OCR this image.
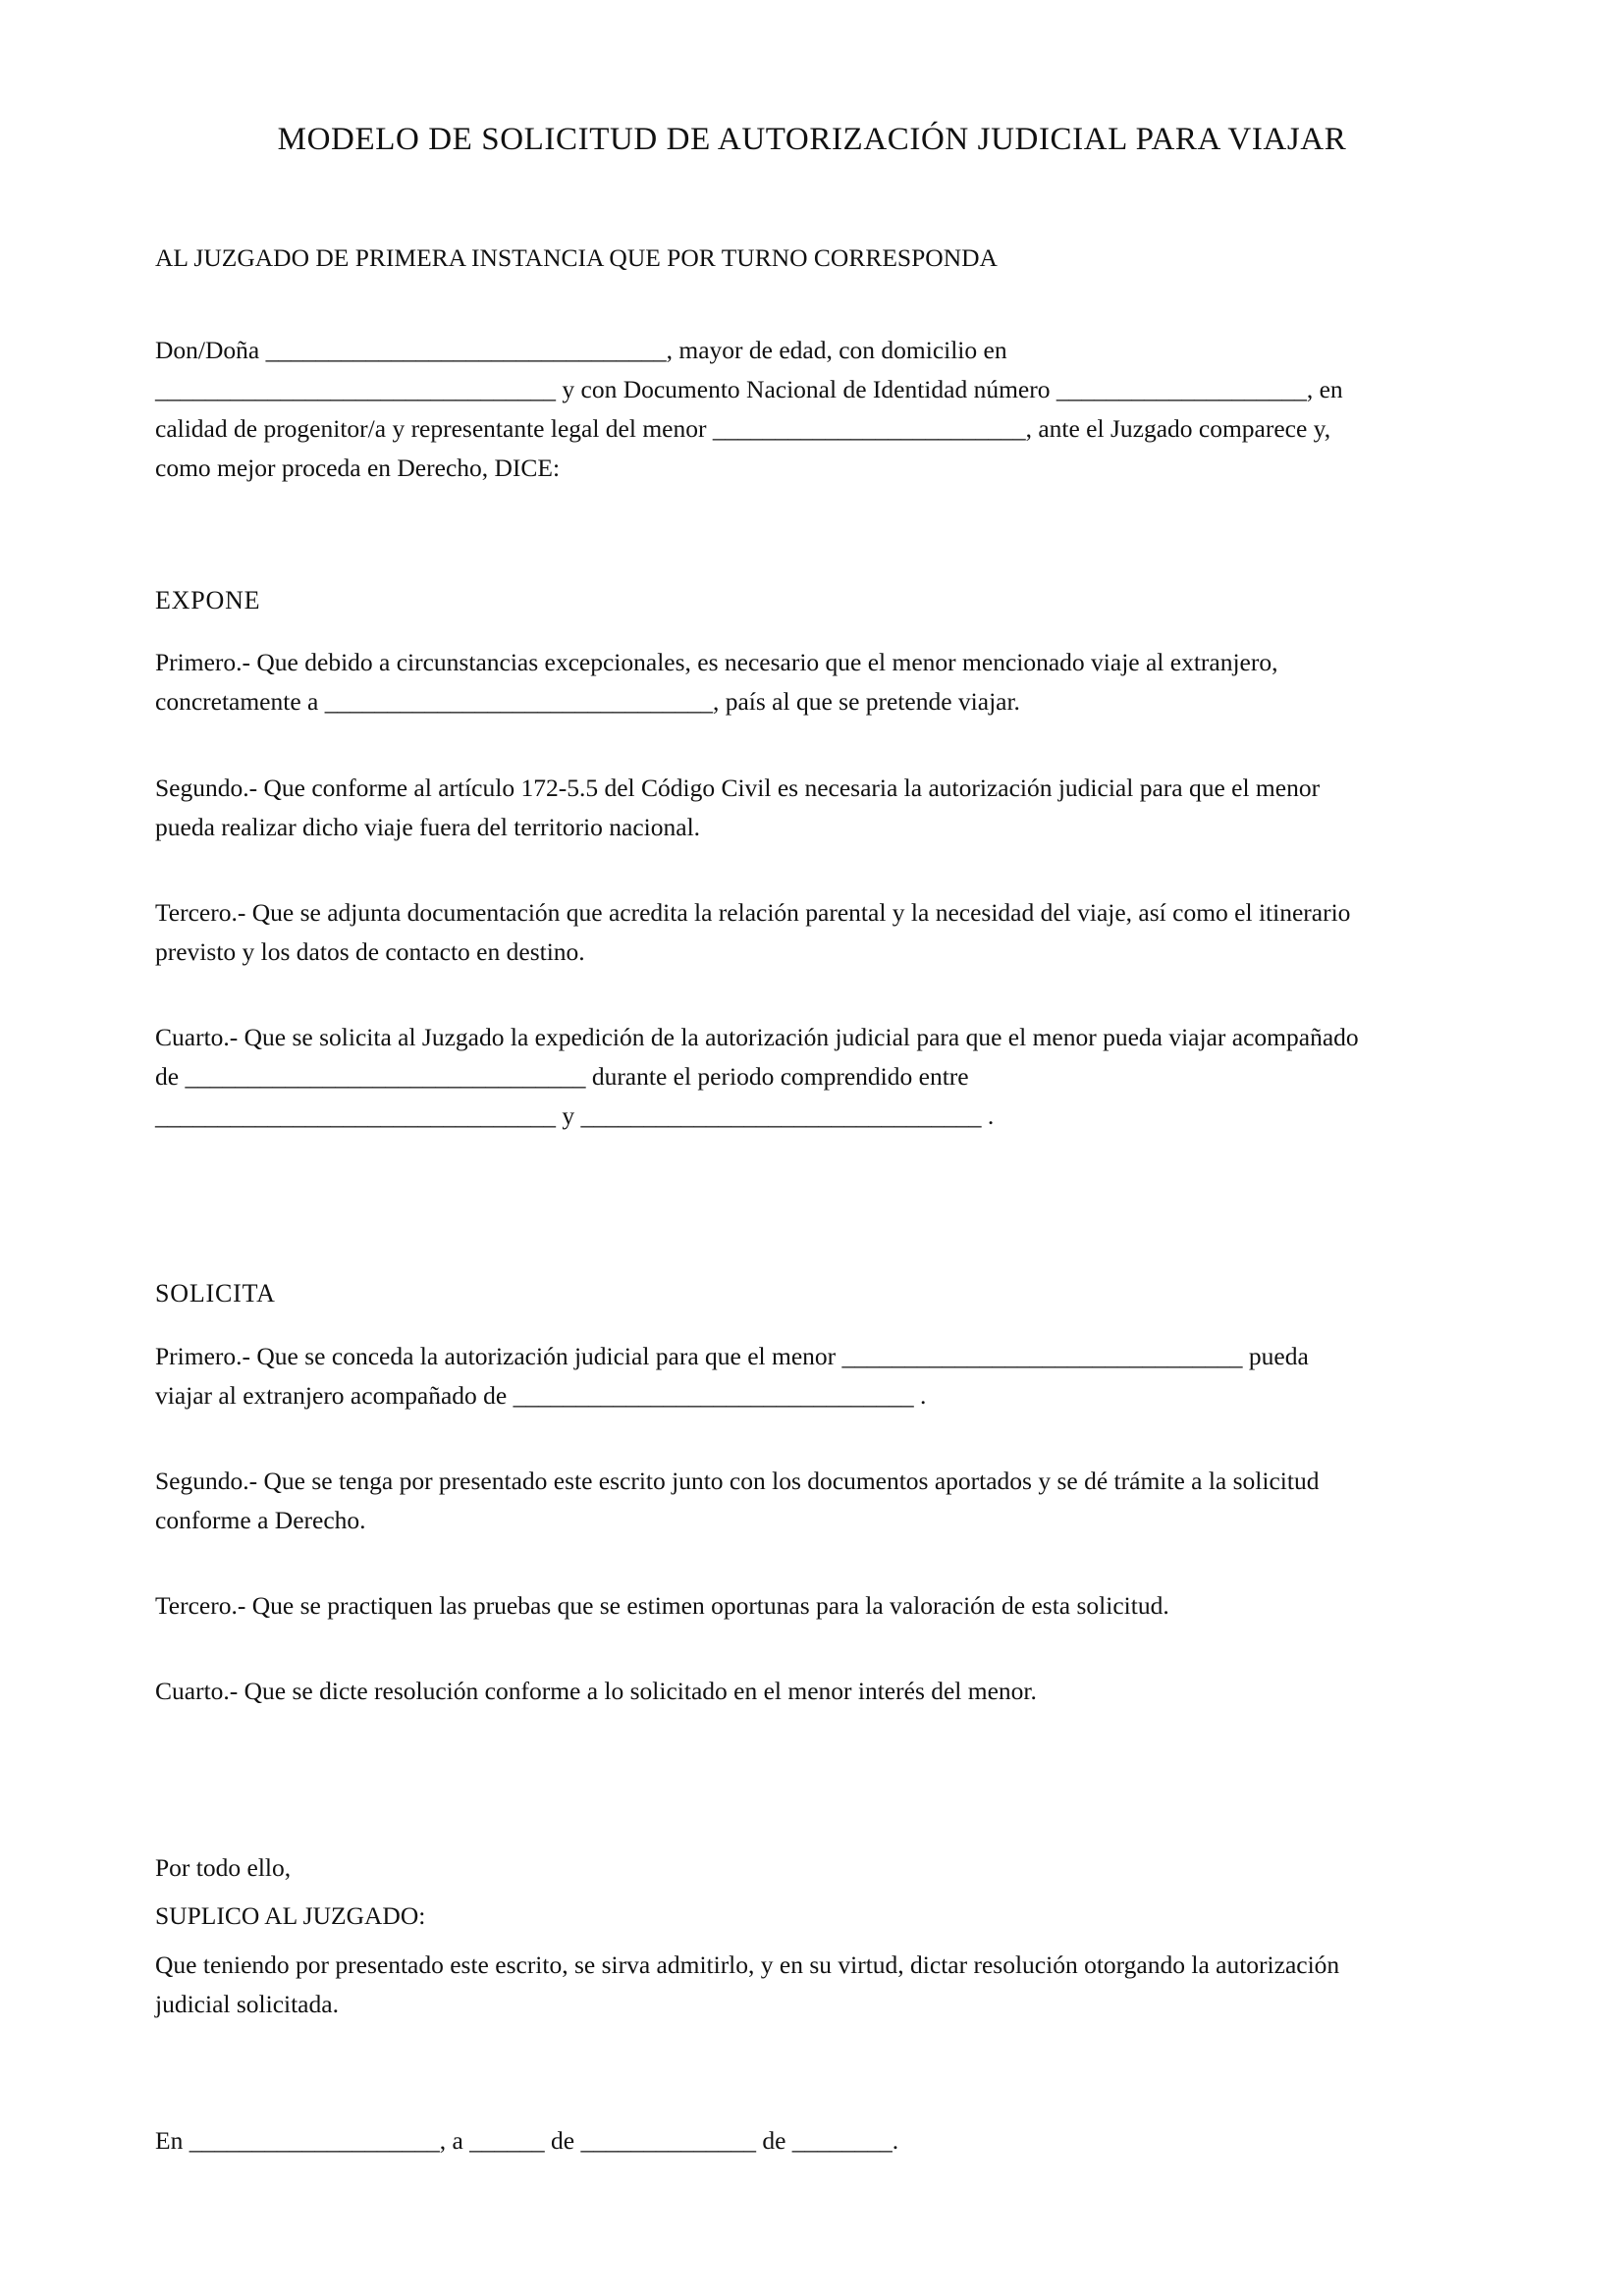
MODELO DE SOLICITUD DE AUTORIZACIÓN JUDICIAL PARA VIAJAR

AL JUZGADO DE PRIMERA INSTANCIA QUE POR TURNO CORRESPONDA

Don/Doña ________________________________, mayor de edad, con domicilio en
________________________________ y con Documento Nacional de Identidad número ____________________, en
calidad de progenitor/a y representante legal del menor _________________________, ante el Juzgado comparece y,
como mejor proceda en Derecho, DICE:

EXPONE

Primero.- Que debido a circunstancias excepcionales, es necesario que el menor mencionado viaje al extranjero,
concretamente a _______________________________, país al que se pretende viajar.

Segundo.- Que conforme al artículo 172-5.5 del Código Civil es necesaria la autorización judicial para que el menor
pueda realizar dicho viaje fuera del territorio nacional.

Tercero.- Que se adjunta documentación que acredita la relación parental y la necesidad del viaje, así como el itinerario
previsto y los datos de contacto en destino.

Cuarto.- Que se solicita al Juzgado la expedición de la autorización judicial para que el menor pueda viajar acompañado
de ________________________________ durante el periodo comprendido entre
________________________________ y ________________________________ .

SOLICITA

Primero.- Que se conceda la autorización judicial para que el menor ________________________________ pueda
viajar al extranjero acompañado de ________________________________ .

Segundo.- Que se tenga por presentado este escrito junto con los documentos aportados y se dé trámite a la solicitud
conforme a Derecho.

Tercero.- Que se practiquen las pruebas que se estimen oportunas para la valoración de esta solicitud.

Cuarto.- Que se dicte resolución conforme a lo solicitado en el menor interés del menor.

Por todo ello,

SUPLICO AL JUZGADO:

Que teniendo por presentado este escrito, se sirva admitirlo, y en su virtud, dictar resolución otorgando la autorización
judicial solicitada.

En ____________________, a ______ de ______________ de ________.
